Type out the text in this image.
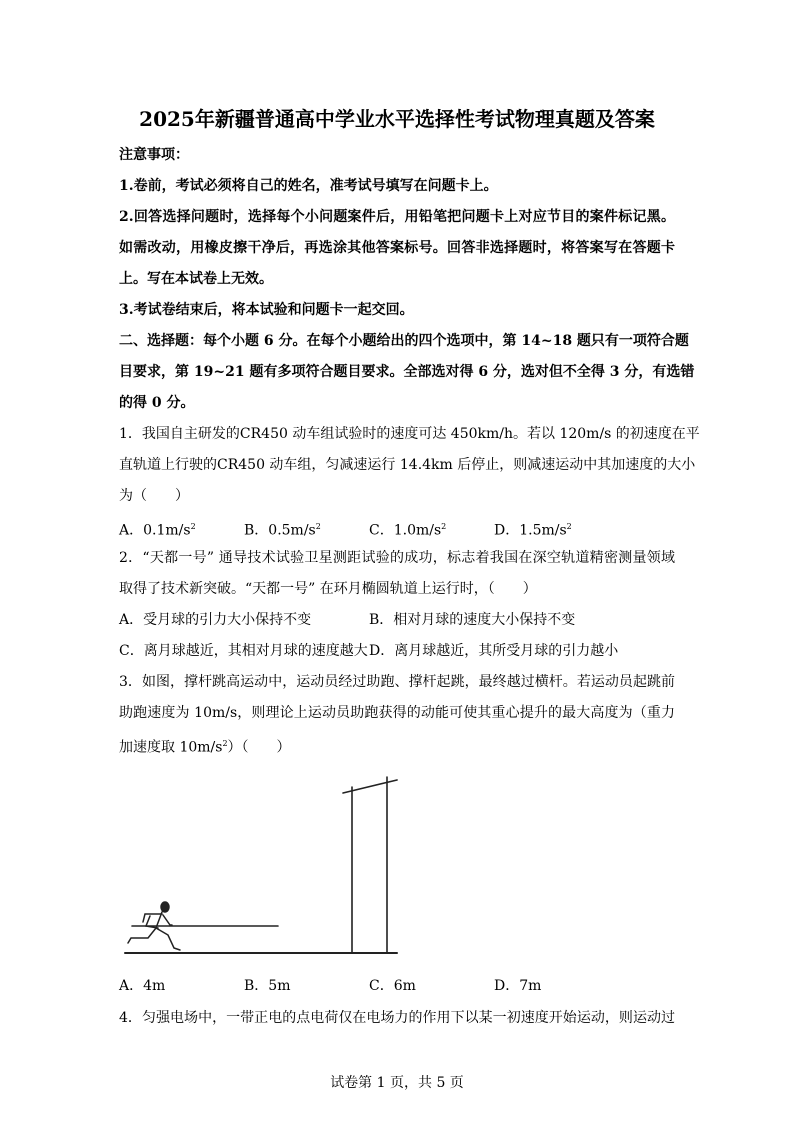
2025年新疆普通高中学业水平选择性考试物理真题及答案
注意事项：
1.卷前，考试必须将自己的姓名，准考试号填写在问题卡上。
2.回答选择问题时，选择每个小问题案件后，用铅笔把问题卡上对应节目的案件标记黑。
如需改动，用橡皮擦干净后，再选涂其他答案标号。回答非选择题时，将答案写在答题卡
上。写在本试卷上无效。
3.考试卷结束后，将本试验和问题卡一起交回。
二、选择题：每个小题 6 分。在每个小题给出的四个选项中，第 14~18 题只有一项符合题
目要求，第 19~21 题有多项符合题目要求。全部选对得 6 分，选对但不全得 3 分，有选错
的得 0 分。
1．我国自主研发的CR450 动车组试验时的速度可达 450km/h。若以 120m/s 的初速度在平
直轨道上行驶的CR450 动车组，匀减速运行 14.4km 后停止，则减速运动中其加速度的大小
为（　　）
A．$0.1m/s^2$	B．$0.5m/s^2$	C．$1.0m/s^2$	D．$1.5m/s^2$
2．“天都一号” 通导技术试验卫星测距试验的成功，标志着我国在深空轨道精密测量领域
取得了技术新突破。“天都一号” 在环月椭圆轨道上运行时，（　　）
A．受月球的引力大小保持不变	B．相对月球的速度大小保持不变
C．离月球越近，其相对月球的速度越大 D．离月球越近，其所受月球的引力越小
3．如图，撑杆跳高运动中，运动员经过助跑、撑杆起跳，最终越过横杆。若运动员起跳前
助跑速度为 10m/s，则理论上运动员助跑获得的动能可使其重心提升的最大高度为（重力
加速度取 $10m/s^2$）（　　）
A．4m	B．5m	C．6m	D．7m
4．匀强电场中，一带正电的点电荷仅在电场力的作用下以某一初速度开始运动，则运动过
试卷第 1 页，共 5 页
